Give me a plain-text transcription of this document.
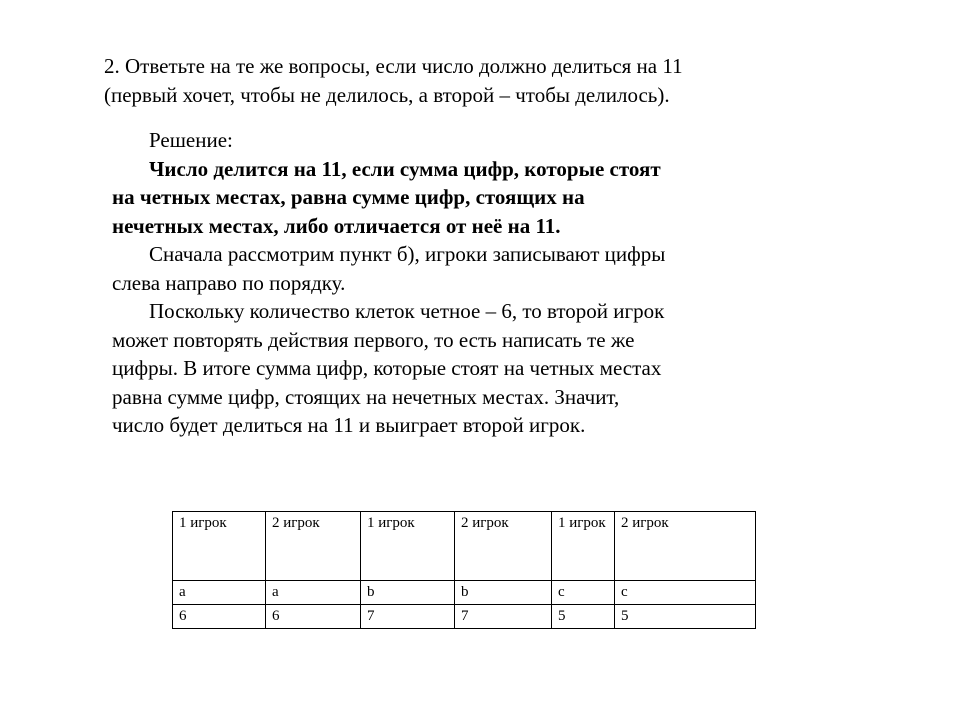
2. Ответьте на те же вопросы, если число должно делиться на 11

(первый хочет, чтобы не делилось, а второй – чтобы делилось).

Решение:

Число делится на 11, если сумма цифр, которые стоят

на четных местах, равна сумме цифр, стоящих на

нечетных местах, либо отличается от неё на 11.

Сначала рассмотрим пункт б), игроки записывают цифры

слева направо по порядку.

Поскольку количество клеток четное – 6, то второй игрок

может повторять действия первого, то есть написать те же

цифры. В итоге сумма цифр, которые стоят на четных местах

равна сумме цифр, стоящих на нечетных местах. Значит,

число будет делиться на 11 и выиграет второй игрок.

1 игрок	2 игрок	1 игрок	2 игрок	1 игрок	2 игрок
a	a	b	b	c	c
6	6	7	7	5	5
